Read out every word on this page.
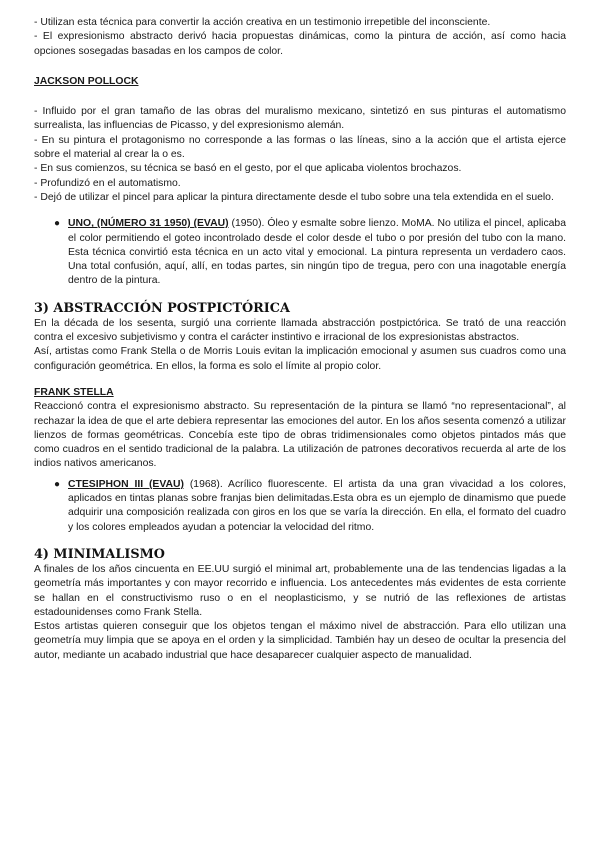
- Utilizan esta técnica para convertir la acción creativa en un testimonio irrepetible del inconsciente.

- El expresionismo abstracto derivó hacia propuestas dinámicas, como la pintura de acción, así como hacia opciones sosegadas basadas en los campos de color.

JACKSON POLLOCK

- Influido por el gran tamaño de las obras del muralismo mexicano, sintetizó en sus pinturas el automatismo surrealista, las influencias de Picasso, y del expresionismo alemán.

- En su pintura el protagonismo no corresponde a las formas o las líneas, sino a la acción que el artista ejerce sobre el material al crear la o es.

- En sus comienzos, su técnica se basó en el gesto, por el que aplicaba violentos brochazos.

- Profundizó en el automatismo.

- Dejó de utilizar el pincel para aplicar la pintura directamente desde el tubo sobre una tela extendida en el suelo.

● UNO, (NÚMERO 31 1950) (EVAU) (1950). Óleo y esmalte sobre lienzo. MoMA. No utiliza el pincel, aplicaba el color permitiendo el goteo incontrolado desde el color desde el tubo o por presión del tubo con la mano. Esta técnica convirtió esta técnica en un acto vital y emocional. La pintura representa un verdadero caos. Una total confusión, aquí, allí, en todas partes, sin ningún tipo de tregua, pero con una inagotable energía dentro de la pintura.

3) ABSTRACCIÓN POSTPICTÓRICA

En la década de los sesenta, surgió una corriente llamada abstracción postpictórica. Se trató de una reacción contra el excesivo subjetivismo y contra el carácter instintivo e irracional de los expresionistas abstractos.

Así, artistas como Frank Stella o de Morris Louis evitan la implicación emocional y asumen sus cuadros como una configuración geométrica. En ellos, la forma es solo el límite al propio color.

FRANK STELLA

Reaccionó contra el expresionismo abstracto. Su representación de la pintura se llamó “no representacional”, al rechazar la idea de que el arte debiera representar las emociones del autor. En los años sesenta comenzó a utilizar lienzos de formas geométricas. Concebía este tipo de obras tridimensionales como objetos pintados más que como cuadros en el sentido tradicional de la palabra. La utilización de patrones decorativos recuerda al arte de los indios nativos americanos.

● CTESIPHON III (EVAU) (1968). Acrílico fluorescente. El artista da una gran vivacidad a los colores, aplicados en tintas planas sobre franjas bien delimitadas.Esta obra es un ejemplo de dinamismo que puede adquirir una composición realizada con giros en los que se varía la dirección. En ella, el formato del cuadro y los colores empleados ayudan a potenciar la velocidad del ritmo.

4) MINIMALISMO

A finales de los años cincuenta en EE.UU surgió el minimal art, probablemente una de las tendencias ligadas a la geometría más importantes y con mayor recorrido e influencia. Los antecedentes más evidentes de esta corriente se hallan en el constructivismo ruso o en el neoplasticismo, y se nutrió de las reflexiones de artistas estadounidenses como Frank Stella.

Estos artistas quieren conseguir que los objetos tengan el máximo nivel de abstracción. Para ello utilizan una geometría muy limpia que se apoya en el orden y la simplicidad. También hay un deseo de ocultar la presencia del autor, mediante un acabado industrial que hace desaparecer cualquier aspecto de manualidad.
